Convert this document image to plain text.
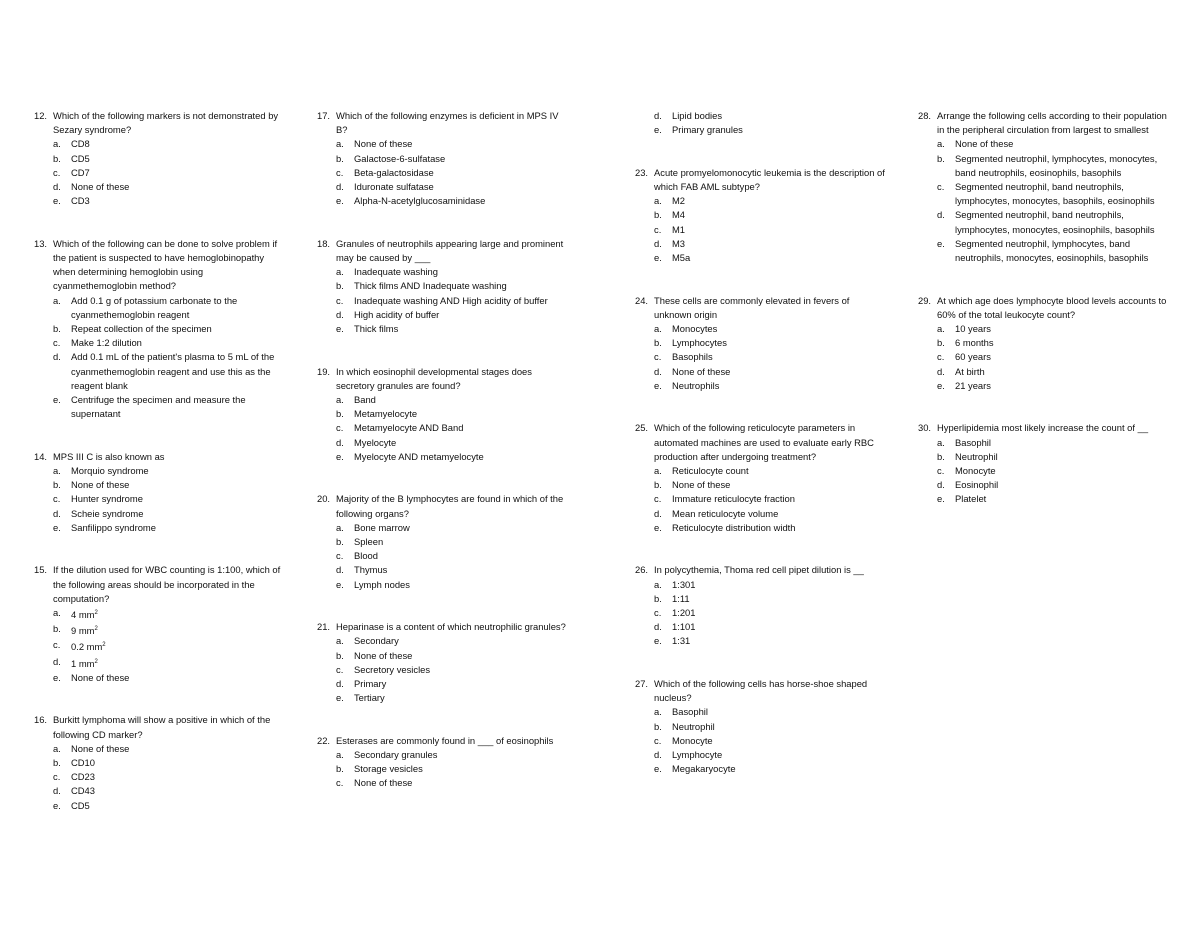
12. Which of the following markers is not demonstrated by Sezary syndrome?
a.	CD8
b.	CD5
c.	CD7
d.	None of these
e.	CD3
13. Which of the following can be done to solve problem if the patient is suspected to have hemoglobinopathy when determining hemoglobin using cyanmethemoglobin method?
a.	Add 0.1 g of potassium carbonate to the cyanmethemoglobin reagent
b.	Repeat collection of the specimen
c.	Make 1:2 dilution
d.	Add 0.1 mL of the patient's plasma to 5 mL of the cyanmethemoglobin reagent and use this as the reagent blank
e.	Centrifuge the specimen and measure the supernatant
14. MPS III C is also known as
a.	Morquio syndrome
b.	None of these
c.	Hunter syndrome
d.	Scheie syndrome
e.	Sanfilippo syndrome
15. If the dilution used for WBC counting is 1:100, which of the following areas should be incorporated in the computation?
a.	4 $mm^2$
b.	9 $mm^2$
c.	0.2 $mm^2$
d.	1 $mm^2$
e.	None of these
16. Burkitt lymphoma will show a positive in which of the following CD marker?
a.	None of these
b.	CD10
c.	CD23
d.	CD43
e.	CD5
17. Which of the following enzymes is deficient in MPS IV B?
a.	None of these
b.	Galactose-6-sulfatase
c.	Beta-galactosidase
d.	Iduronate sulfatase
e.	Alpha-N-acetylglucosaminidase
18. Granules of neutrophils appearing large and prominent may be caused by ___
a.	Inadequate washing
b.	Thick films AND Inadequate washing
c.	Inadequate washing AND High acidity of buffer
d.	High acidity of buffer
e.	Thick films
19. In which eosinophil developmental stages does secretory granules are found?
a.	Band
b.	Metamyelocyte
c.	Metamyelocyte AND Band
d.	Myelocyte
e.	Myelocyte AND metamyelocyte
20. Majority of the B lymphocytes are found in which of the following organs?
a.	Bone marrow
b.	Spleen
c.	Blood
d.	Thymus
e.	Lymph nodes
21. Heparinase is a content of which neutrophilic granules?
a.	Secondary
b.	None of these
c.	Secretory vesicles
d.	Primary
e.	Tertiary
22. Esterases are commonly found in ___ of eosinophils
a.	Secondary granules
b.	Storage vesicles
c.	None of these
d.	Lipid bodies
e.	Primary granules
23. Acute promyelomonocytic leukemia is the description of which FAB AML subtype?
a.	M2
b.	M4
c.	M1
d.	M3
e.	M5a
24. These cells are commonly elevated in fevers of unknown origin
a.	Monocytes
b.	Lymphocytes
c.	Basophils
d.	None of these
e.	Neutrophils
25. Which of the following reticulocyte parameters in automated machines are used to evaluate early RBC production after undergoing treatment?
a.	Reticulocyte count
b.	None of these
c.	Immature reticulocyte fraction
d.	Mean reticulocyte volume
e.	Reticulocyte distribution width
26. In polycythemia, Thoma red cell pipet dilution is __
a.	1:301
b.	1:11
c.	1:201
d.	1:101
e.	1:31
27. Which of the following cells has horse-shoe shaped nucleus?
a.	Basophil
b.	Neutrophil
c.	Monocyte
d.	Lymphocyte
e.	Megakaryocyte
28. Arrange the following cells according to their population in the peripheral circulation from largest to smallest
a.	None of these
b.	Segmented neutrophil, lymphocytes, monocytes, band neutrophils, eosinophils, basophils
c.	Segmented neutrophil, band neutrophils, lymphocytes, monocytes, basophils, eosinophils
d.	Segmented neutrophil, band neutrophils, lymphocytes, monocytes, eosinophils, basophils
e.	Segmented neutrophil, lymphocytes, band neutrophils, monocytes, eosinophils, basophils
29. At which age does lymphocyte blood levels accounts to 60% of the total leukocyte count?
a.	10 years
b.	6 months
c.	60 years
d.	At birth
e.	21 years
30. Hyperlipidemia most likely increase the count of __
a.	Basophil
b.	Neutrophil
c.	Monocyte
d.	Eosinophil
e.	Platelet
